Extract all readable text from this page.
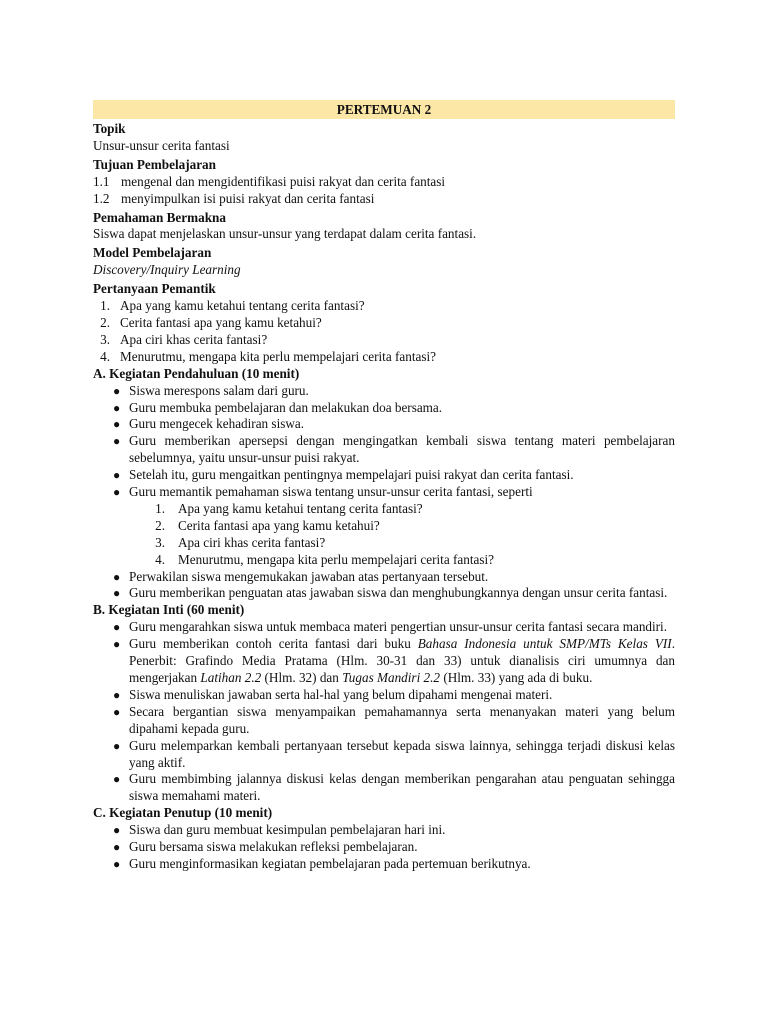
PERTEMUAN 2
Topik
Unsur-unsur cerita fantasi
Tujuan Pembelajaran
1.1 mengenal dan mengidentifikasi puisi rakyat dan cerita fantasi
1.2 menyimpulkan isi puisi rakyat dan cerita fantasi
Pemahaman Bermakna
Siswa dapat menjelaskan unsur-unsur yang terdapat dalam cerita fantasi.
Model Pembelajaran
Discovery/Inquiry Learning
Pertanyaan Pemantik
1. Apa yang kamu ketahui tentang cerita fantasi?
2. Cerita fantasi apa yang kamu ketahui?
3. Apa ciri khas cerita fantasi?
4. Menurutmu, mengapa kita perlu mempelajari cerita fantasi?
A. Kegiatan Pendahuluan (10 menit)
● Siswa merespons salam dari guru.
● Guru membuka pembelajaran dan melakukan doa bersama.
● Guru mengecek kehadiran siswa.
● Guru memberikan apersepsi dengan mengingatkan kembali siswa tentang materi pembelajaran sebelumnya, yaitu unsur-unsur puisi rakyat.
● Setelah itu, guru mengaitkan pentingnya mempelajari puisi rakyat dan cerita fantasi.
● Guru memantik pemahaman siswa tentang unsur-unsur cerita fantasi, seperti
1. Apa yang kamu ketahui tentang cerita fantasi?
2. Cerita fantasi apa yang kamu ketahui?
3. Apa ciri khas cerita fantasi?
4. Menurutmu, mengapa kita perlu mempelajari cerita fantasi?
● Perwakilan siswa mengemukakan jawaban atas pertanyaan tersebut.
● Guru memberikan penguatan atas jawaban siswa dan menghubungkannya dengan unsur cerita fantasi.
B. Kegiatan Inti (60 menit)
● Guru mengarahkan siswa untuk membaca materi pengertian unsur-unsur cerita fantasi secara mandiri.
● Guru memberikan contoh cerita fantasi dari buku Bahasa Indonesia untuk SMP/MTs Kelas VII. Penerbit: Grafindo Media Pratama (Hlm. 30-31 dan 33) untuk dianalisis ciri umumnya dan mengerjakan Latihan 2.2 (Hlm. 32) dan Tugas Mandiri 2.2 (Hlm. 33) yang ada di buku.
● Siswa menuliskan jawaban serta hal-hal yang belum dipahami mengenai materi.
● Secara bergantian siswa menyampaikan pemahamannya serta menanyakan materi yang belum dipahami kepada guru.
● Guru melemparkan kembali pertanyaan tersebut kepada siswa lainnya, sehingga terjadi diskusi kelas yang aktif.
● Guru membimbing jalannya diskusi kelas dengan memberikan pengarahan atau penguatan sehingga siswa memahami materi.
C. Kegiatan Penutup (10 menit)
● Siswa dan guru membuat kesimpulan pembelajaran hari ini.
● Guru bersama siswa melakukan refleksi pembelajaran.
● Guru menginformasikan kegiatan pembelajaran pada pertemuan berikutnya.
